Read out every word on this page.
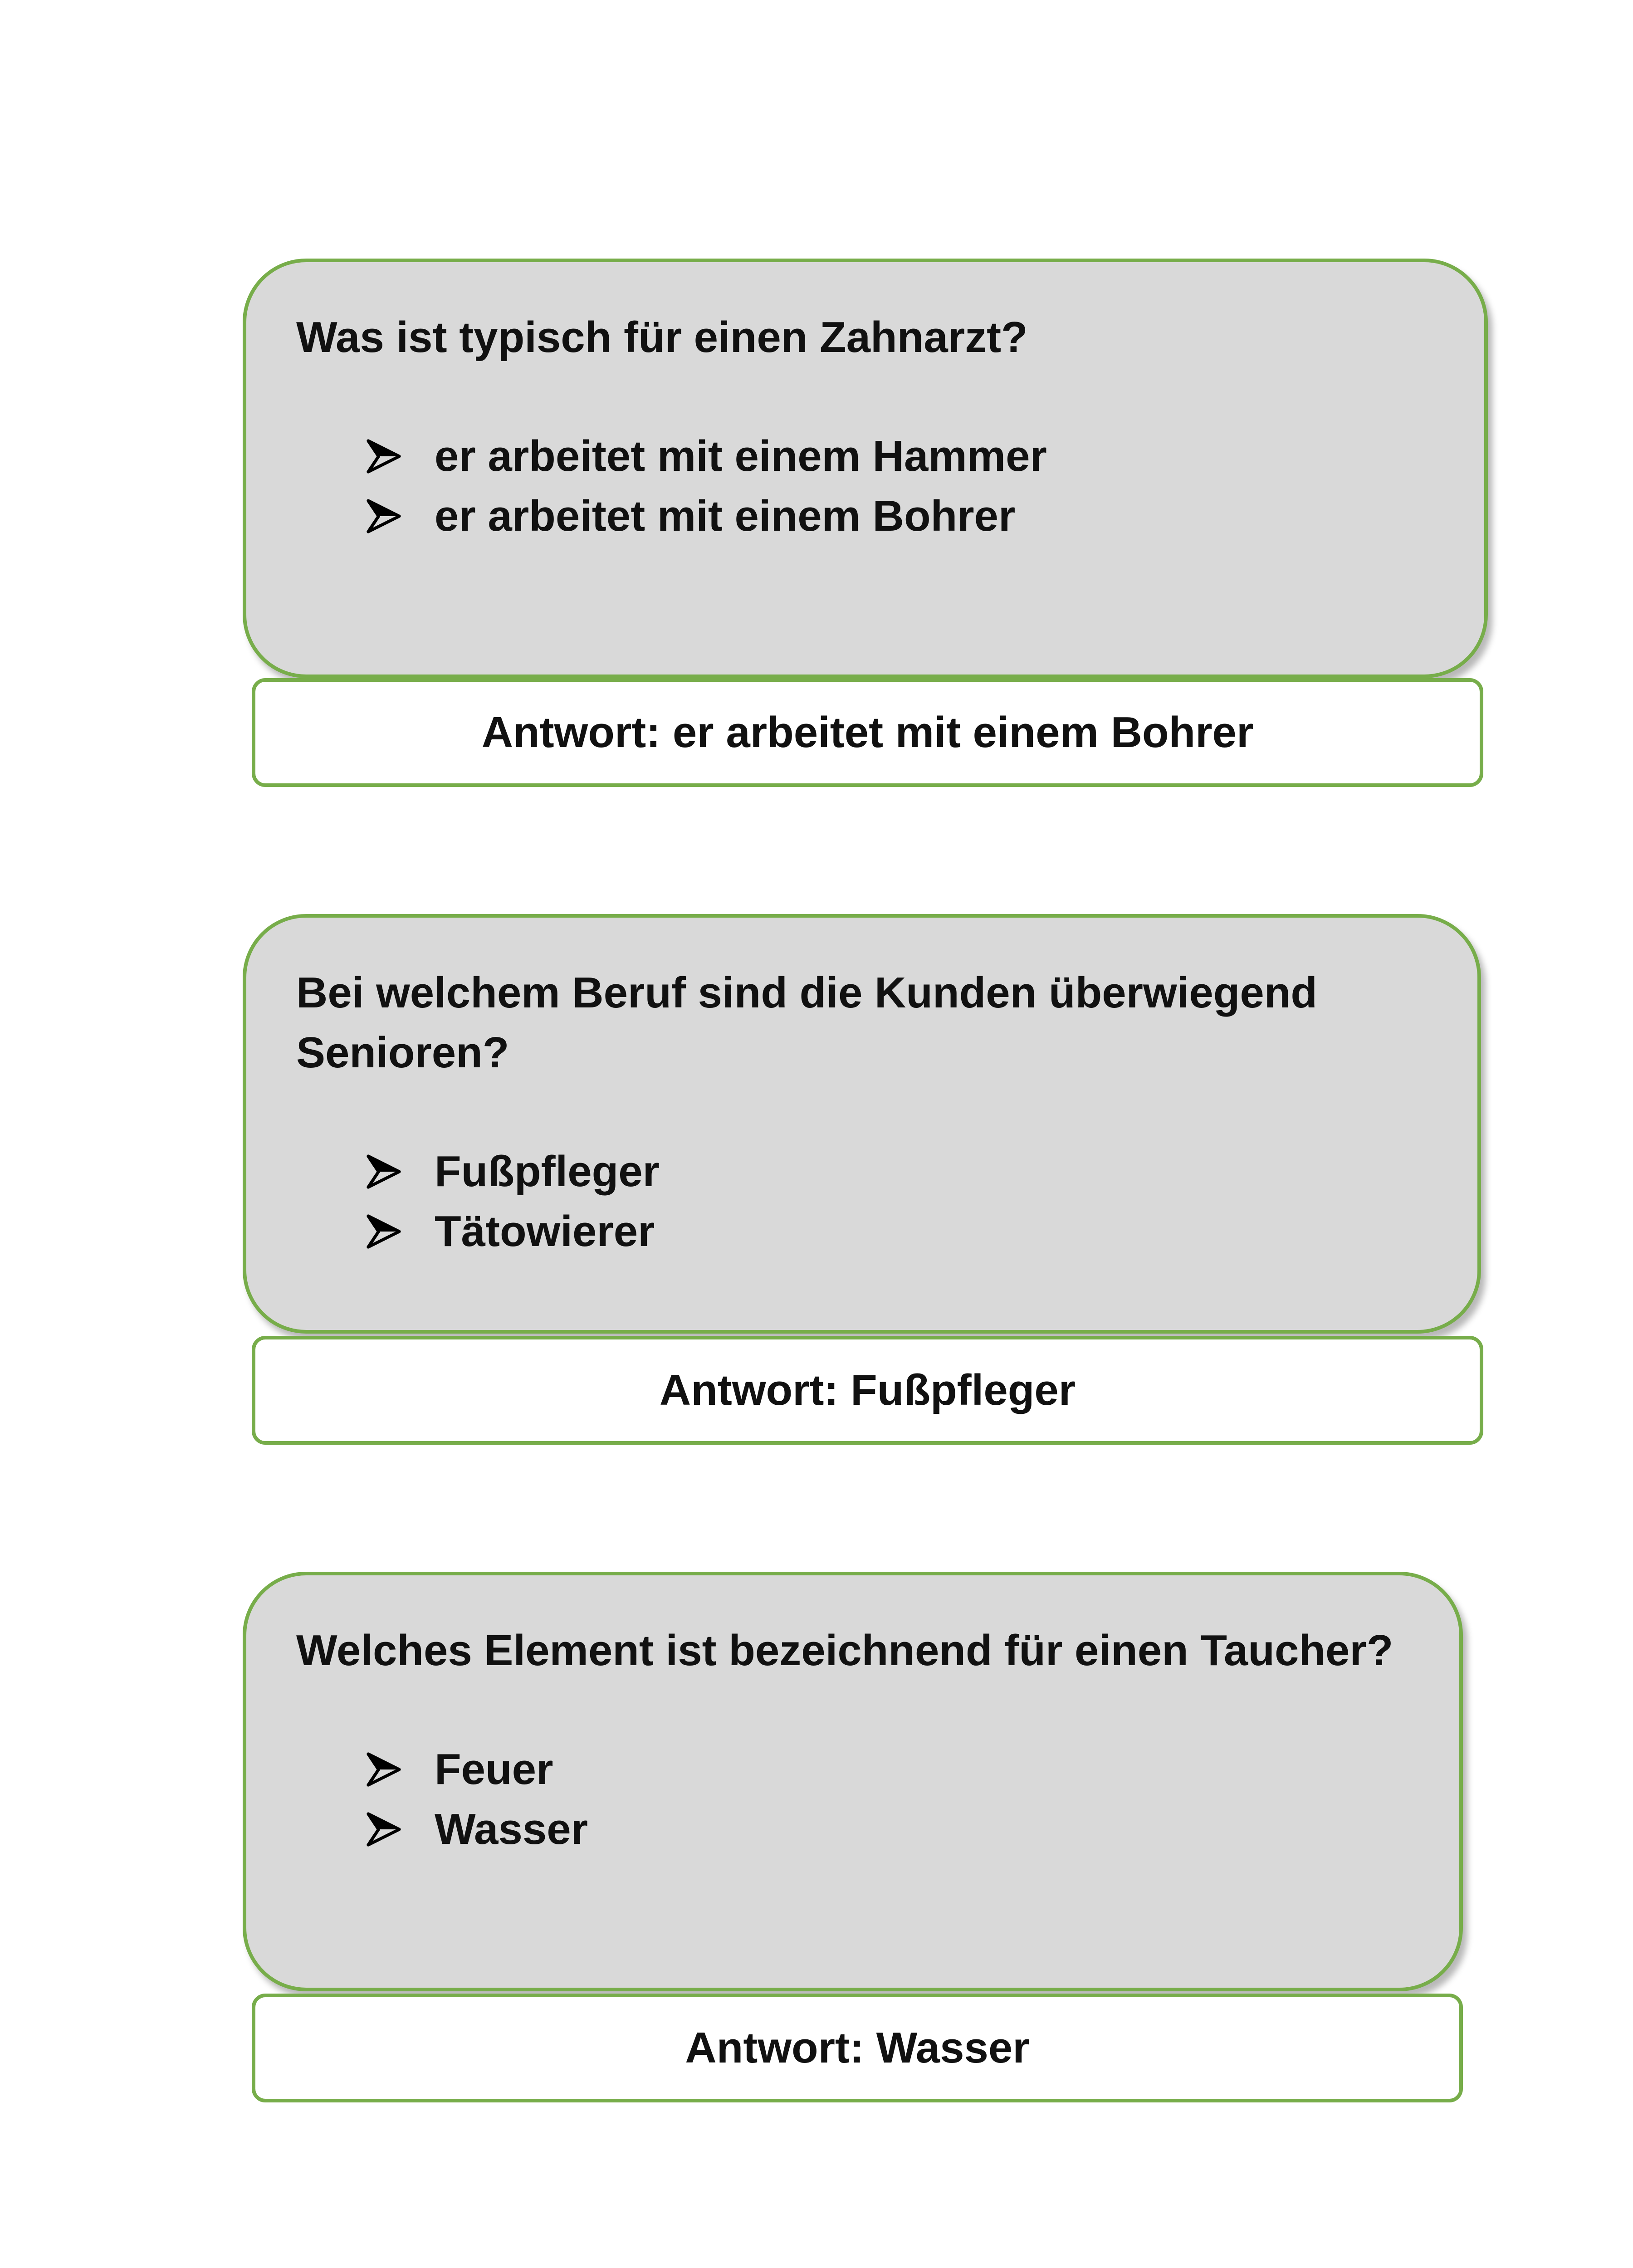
Was ist typisch für einen Zahnarzt?

er arbeitet mit einem Hammer
er arbeitet mit einem Bohrer
Antwort: er arbeitet mit einem Bohrer

Bei welchem Beruf sind die Kunden überwiegend Senioren?

Fußpfleger
Tätowierer
Antwort: Fußpfleger

Welches Element ist bezeichnend für einen Taucher?

Feuer
Wasser
Antwort: Wasser
